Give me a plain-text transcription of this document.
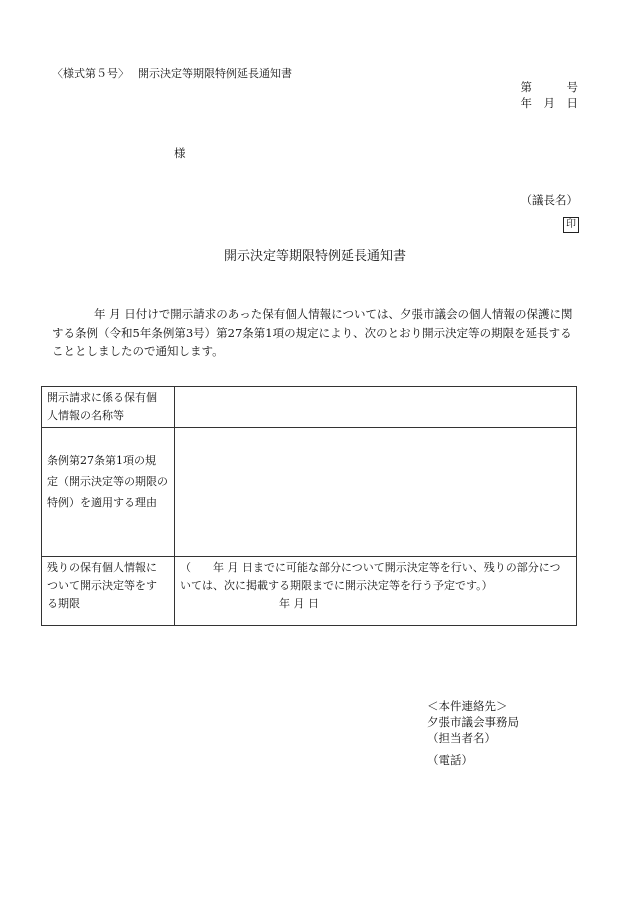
〈様式第５号〉　 開示決定等期限特例延長通知書
第　　　号
年　月　日
様
（議長名）
印
開示決定等期限特例延長通知書
年 月 日付けで開示請求のあった保有個人情報については、夕張市議会の個人情報の保護に関する条例（令和5年条例第3号）第27条第1項の規定により、次のとおり開示決定等の期限を延長することとしましたので通知します。
開示請求に係る保有個
人情報の名称等	

条例第27条第1項の規
定（開示決定等の期限の
特例）を適用する理由	

残りの保有個人情報に
ついて開示決定等をす
る期限	（　　年 月 日までに可能な部分について開示決定等を行い、残りの部分につ
いては、次に掲載する期限までに開示決定等を行う予定です。）
　　　　　　　　　年 月 日
＜本件連絡先＞
夕張市議会事務局
（担当者名）
（電話）
